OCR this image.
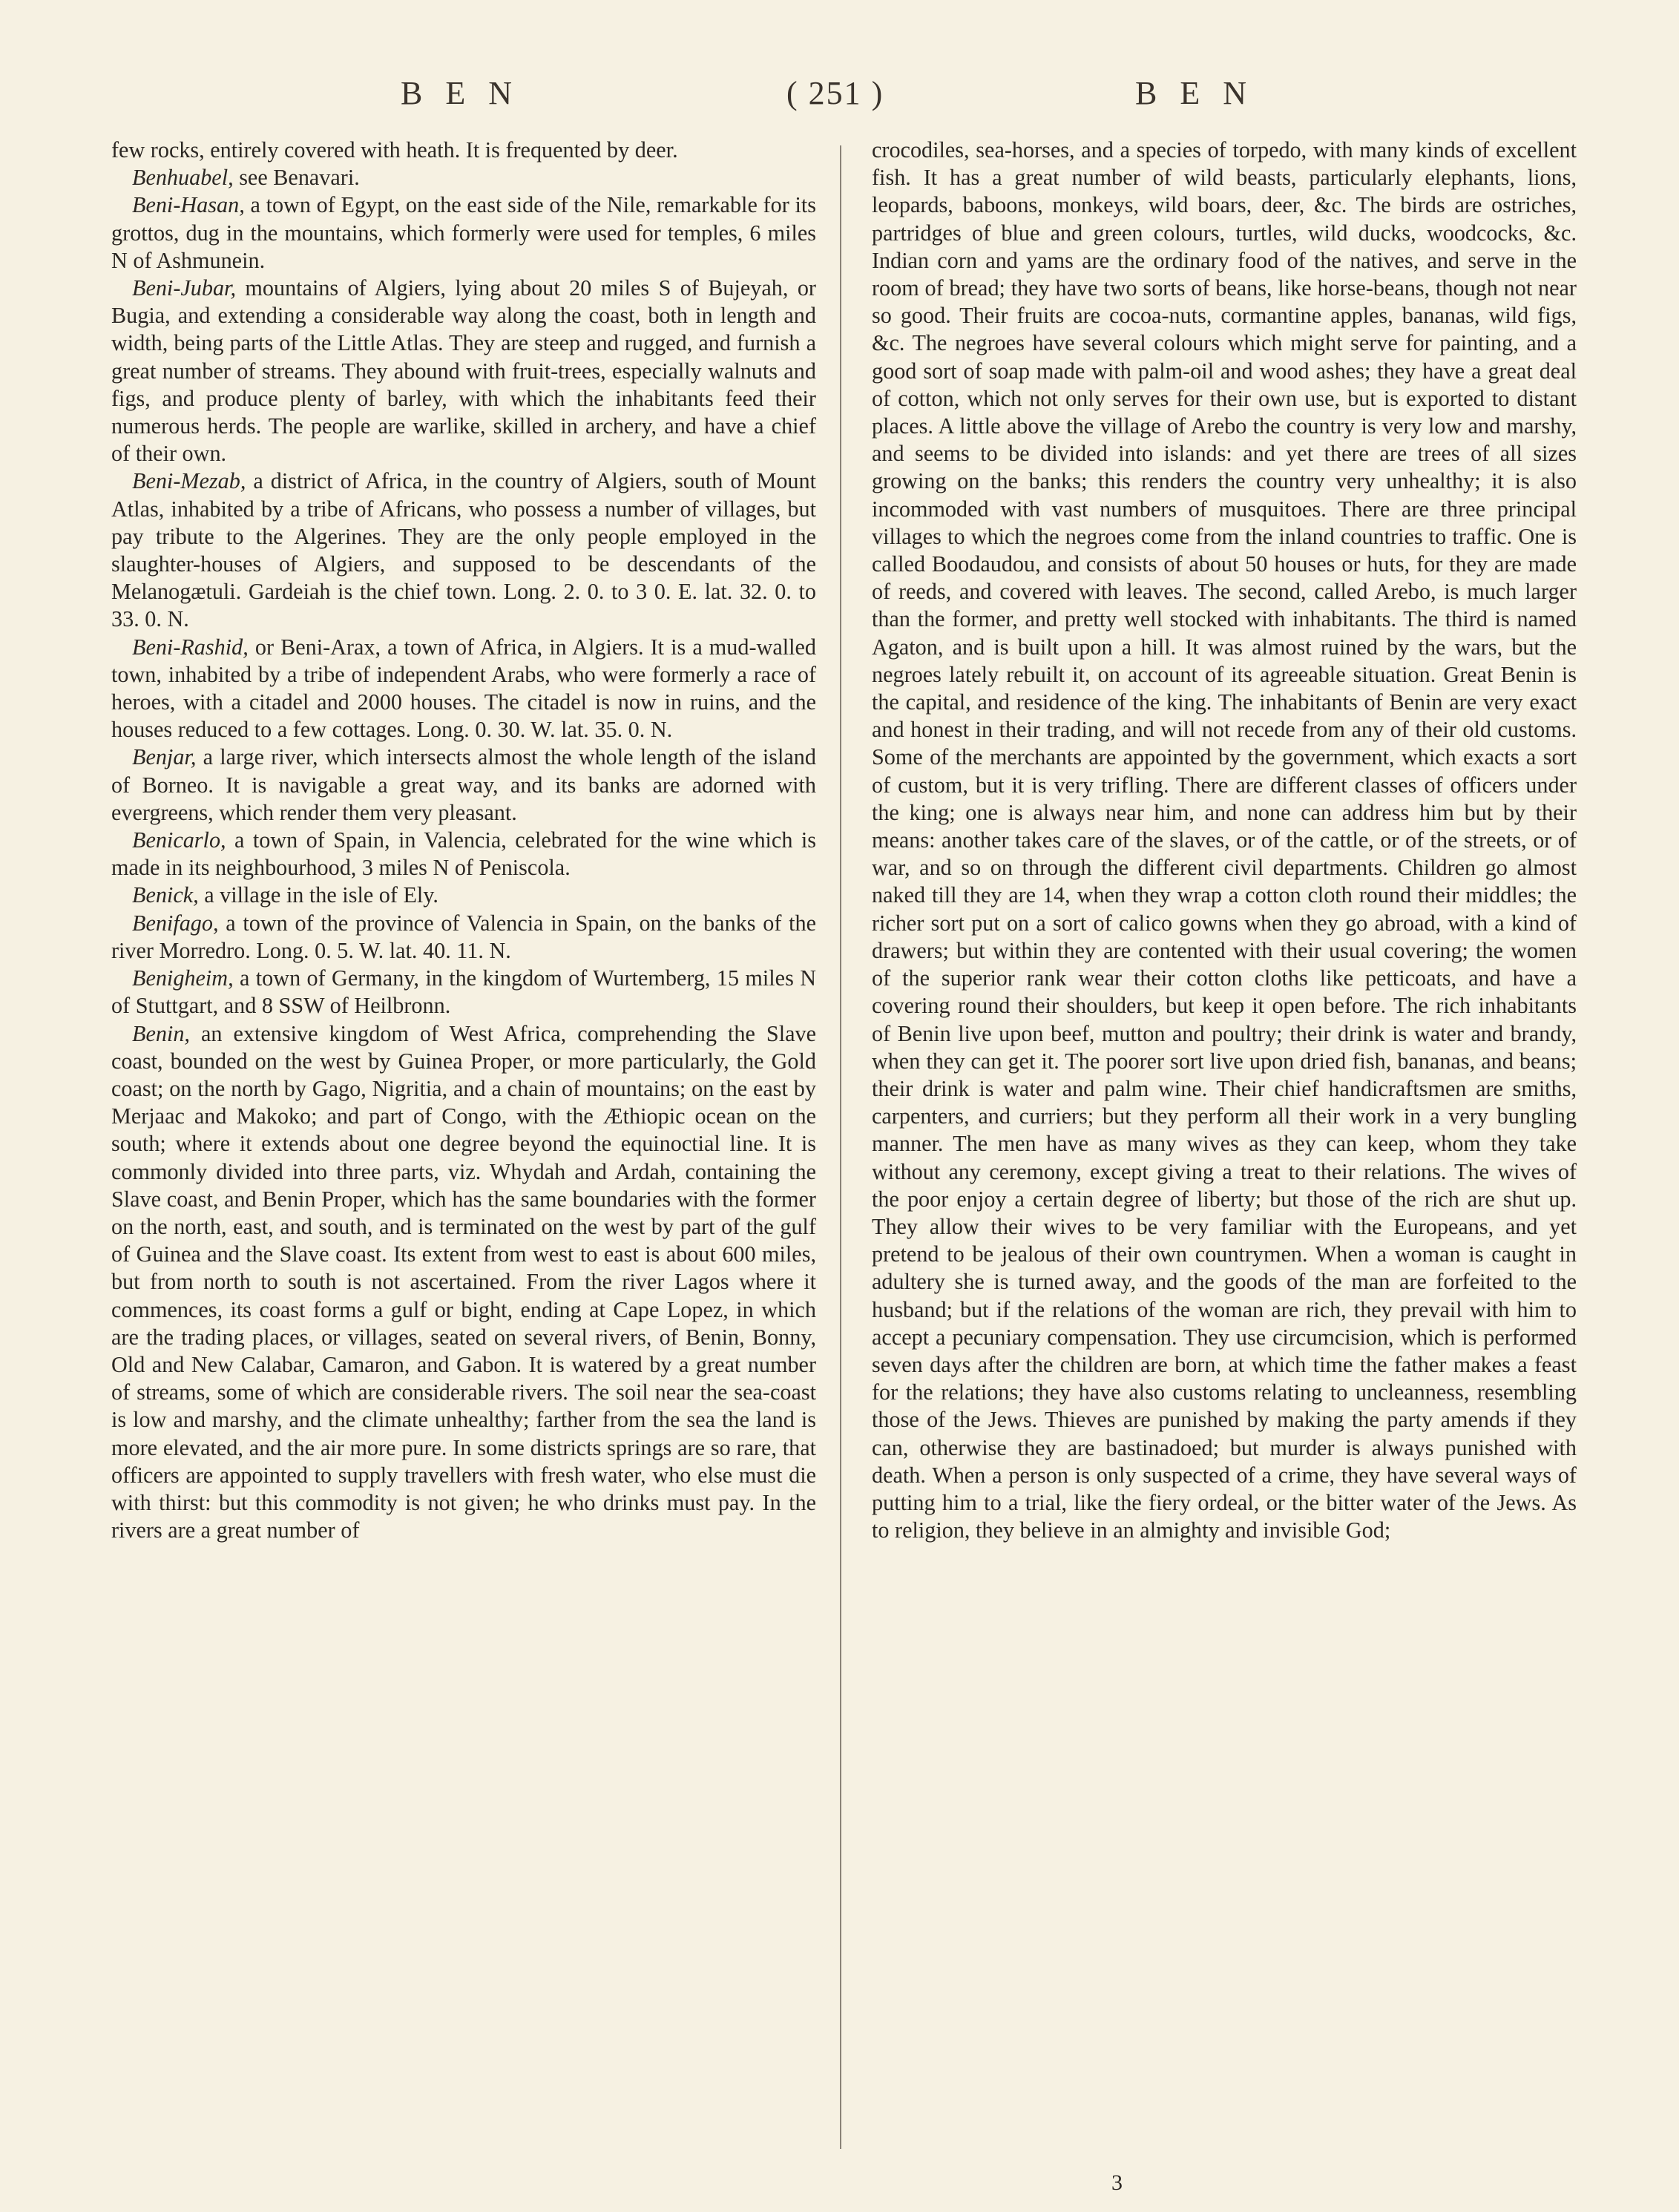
B E N	( 251 )	B E N

few rocks, entirely covered with heath. It is frequented by deer.

Benhuabel, see Benavari.

Beni-Hasan, a town of Egypt, on the east side of the Nile, remarkable for its grottos, dug in the mountains, which formerly were used for temples, 6 miles N of Ashmunein.

Beni-Jubar, mountains of Algiers, lying about 20 miles S of Bujeyah, or Bugia, and extending a considerable way along the coast, both in length and width, being parts of the Little Atlas. They are steep and rugged, and furnish a great number of streams. They abound with fruit-trees, especially walnuts and figs, and produce plenty of barley, with which the inhabitants feed their numerous herds. The people are warlike, skilled in archery, and have a chief of their own.

Beni-Mezab, a district of Africa, in the country of Algiers, south of Mount Atlas, inhabited by a tribe of Africans, who possess a number of villages, but pay tribute to the Algerines. They are the only people employed in the slaughter-houses of Algiers, and supposed to be descendants of the Melanogætuli. Gardeiah is the chief town. Long. 2. 0. to 3 0. E. lat. 32. 0. to 33. 0. N.

Beni-Rashid, or Beni-Arax, a town of Africa, in Algiers. It is a mud-walled town, inhabited by a tribe of independent Arabs, who were formerly a race of heroes, with a citadel and 2000 houses. The citadel is now in ruins, and the houses reduced to a few cottages. Long. 0. 30. W. lat. 35. 0. N.

Benjar, a large river, which intersects almost the whole length of the island of Borneo. It is navigable a great way, and its banks are adorned with evergreens, which render them very pleasant.

Benicarlo, a town of Spain, in Valencia, celebrated for the wine which is made in its neighbourhood, 3 miles N of Peniscola.

Benick, a village in the isle of Ely.

Benifago, a town of the province of Valencia in Spain, on the banks of the river Morredro. Long. 0. 5. W. lat. 40. 11. N.

Benigheim, a town of Germany, in the kingdom of Wurtemberg, 15 miles N of Stuttgart, and 8 SSW of Heilbronn.

Benin, an extensive kingdom of West Africa, comprehending the Slave coast, bounded on the west by Guinea Proper, or more particularly, the Gold coast; on the north by Gago, Nigritia, and a chain of mountains; on the east by Merjaac and Makoko; and part of Congo, with the Æthiopic ocean on the south; where it extends about one degree beyond the equinoctial line. It is commonly divided into three parts, viz. Whydah and Ardah, containing the Slave coast, and Benin Proper, which has the same boundaries with the former on the north, east, and south, and is terminated on the west by part of the gulf of Guinea and the Slave coast. Its extent from west to east is about 600 miles, but from north to south is not ascertained. From the river Lagos where it commences, its coast forms a gulf or bight, ending at Cape Lopez, in which are the trading places, or villages, seated on several rivers, of Benin, Bonny, Old and New Calabar, Camaron, and Gabon. It is watered by a great number of streams, some of which are considerable rivers. The soil near the sea-coast is low and marshy, and the climate unhealthy; farther from the sea the land is more elevated, and the air more pure. In some districts springs are so rare, that officers are appointed to supply travellers with fresh water, who else must die with thirst: but this commodity is not given; he who drinks must pay. In the rivers are a great number of

crocodiles, sea-horses, and a species of torpedo, with many kinds of excellent fish. It has a great number of wild beasts, particularly elephants, lions, leopards, baboons, monkeys, wild boars, deer, &c. The birds are ostriches, partridges of blue and green colours, turtles, wild ducks, woodcocks, &c. Indian corn and yams are the ordinary food of the natives, and serve in the room of bread; they have two sorts of beans, like horse-beans, though not near so good. Their fruits are cocoa-nuts, cormantine apples, bananas, wild figs, &c. The negroes have several colours which might serve for painting, and a good sort of soap made with palm-oil and wood ashes; they have a great deal of cotton, which not only serves for their own use, but is exported to distant places. A little above the village of Arebo the country is very low and marshy, and seems to be divided into islands: and yet there are trees of all sizes growing on the banks; this renders the country very unhealthy; it is also incommoded with vast numbers of musquitoes. There are three principal villages to which the negroes come from the inland countries to traffic. One is called Boodaudou, and consists of about 50 houses or huts, for they are made of reeds, and covered with leaves. The second, called Arebo, is much larger than the former, and pretty well stocked with inhabitants. The third is named Agaton, and is built upon a hill. It was almost ruined by the wars, but the negroes lately rebuilt it, on account of its agreeable situation. Great Benin is the capital, and residence of the king. The inhabitants of Benin are very exact and honest in their trading, and will not recede from any of their old customs. Some of the merchants are appointed by the government, which exacts a sort of custom, but it is very trifling. There are different classes of officers under the king; one is always near him, and none can address him but by their means: another takes care of the slaves, or of the cattle, or of the streets, or of war, and so on through the different civil departments. Children go almost naked till they are 14, when they wrap a cotton cloth round their middles; the richer sort put on a sort of calico gowns when they go abroad, with a kind of drawers; but within they are contented with their usual covering; the women of the superior rank wear their cotton cloths like petticoats, and have a covering round their shoulders, but keep it open before. The rich inhabitants of Benin live upon beef, mutton and poultry; their drink is water and brandy, when they can get it. The poorer sort live upon dried fish, bananas, and beans; their drink is water and palm wine. Their chief handicraftsmen are smiths, carpenters, and curriers; but they perform all their work in a very bungling manner. The men have as many wives as they can keep, whom they take without any ceremony, except giving a treat to their relations. The wives of the poor enjoy a certain degree of liberty; but those of the rich are shut up. They allow their wives to be very familiar with the Europeans, and yet pretend to be jealous of their own countrymen. When a woman is caught in adultery she is turned away, and the goods of the man are forfeited to the husband; but if the relations of the woman are rich, they prevail with him to accept a pecuniary compensation. They use circumcision, which is performed seven days after the children are born, at which time the father makes a feast for the relations; they have also customs relating to uncleanness, resembling those of the Jews. Thieves are punished by making the party amends if they can, otherwise they are bastinadoed; but murder is always punished with death. When a person is only suspected of a crime, they have several ways of putting him to a trial, like the fiery ordeal, or the bitter water of the Jews. As to religion, they believe in an almighty and invisible God;

3
